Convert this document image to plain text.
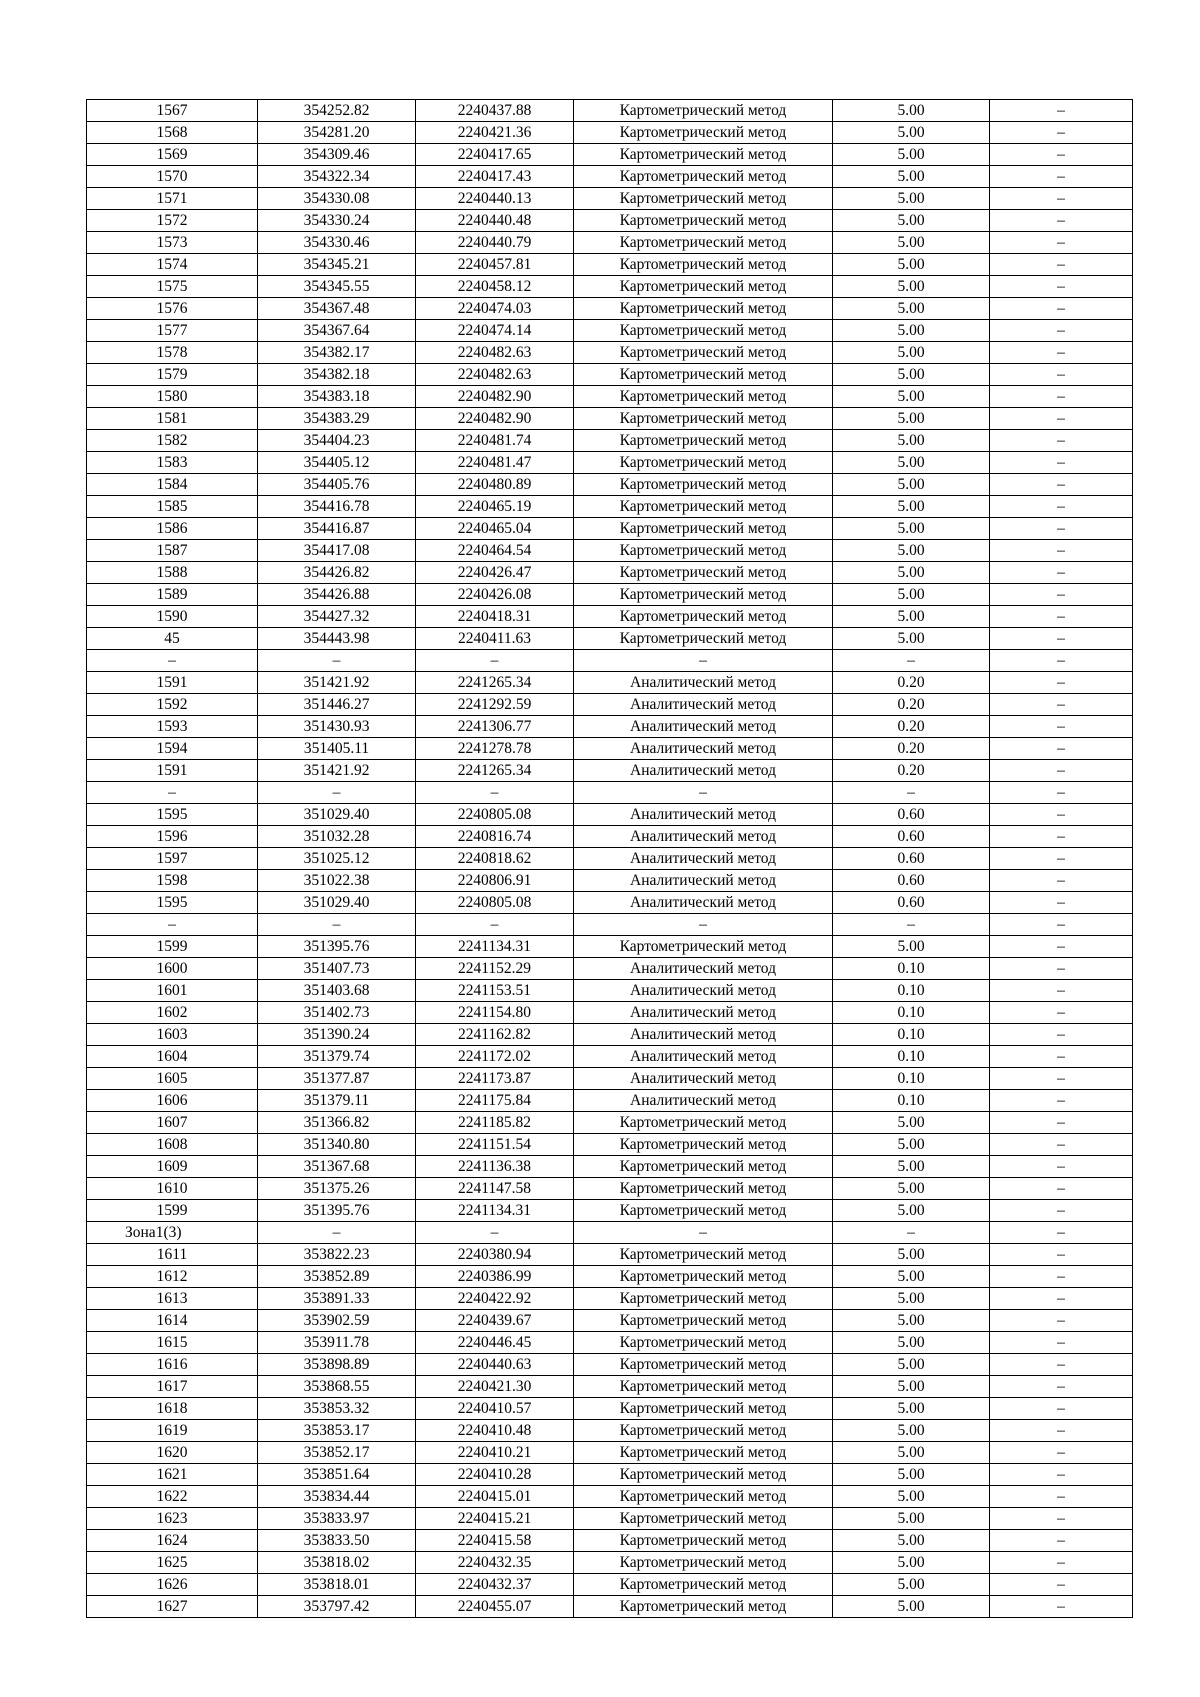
1567	354252.82	2240437.88	Картометрический метод	5.00	–
1568	354281.20	2240421.36	Картометрический метод	5.00	–
1569	354309.46	2240417.65	Картометрический метод	5.00	–
1570	354322.34	2240417.43	Картометрический метод	5.00	–
1571	354330.08	2240440.13	Картометрический метод	5.00	–
1572	354330.24	2240440.48	Картометрический метод	5.00	–
1573	354330.46	2240440.79	Картометрический метод	5.00	–
1574	354345.21	2240457.81	Картометрический метод	5.00	–
1575	354345.55	2240458.12	Картометрический метод	5.00	–
1576	354367.48	2240474.03	Картометрический метод	5.00	–
1577	354367.64	2240474.14	Картометрический метод	5.00	–
1578	354382.17	2240482.63	Картометрический метод	5.00	–
1579	354382.18	2240482.63	Картометрический метод	5.00	–
1580	354383.18	2240482.90	Картометрический метод	5.00	–
1581	354383.29	2240482.90	Картометрический метод	5.00	–
1582	354404.23	2240481.74	Картометрический метод	5.00	–
1583	354405.12	2240481.47	Картометрический метод	5.00	–
1584	354405.76	2240480.89	Картометрический метод	5.00	–
1585	354416.78	2240465.19	Картометрический метод	5.00	–
1586	354416.87	2240465.04	Картометрический метод	5.00	–
1587	354417.08	2240464.54	Картометрический метод	5.00	–
1588	354426.82	2240426.47	Картометрический метод	5.00	–
1589	354426.88	2240426.08	Картометрический метод	5.00	–
1590	354427.32	2240418.31	Картометрический метод	5.00	–
45	354443.98	2240411.63	Картометрический метод	5.00	–
–	–	–	–	–	–
1591	351421.92	2241265.34	Аналитический метод	0.20	–
1592	351446.27	2241292.59	Аналитический метод	0.20	–
1593	351430.93	2241306.77	Аналитический метод	0.20	–
1594	351405.11	2241278.78	Аналитический метод	0.20	–
1591	351421.92	2241265.34	Аналитический метод	0.20	–
–	–	–	–	–	–
1595	351029.40	2240805.08	Аналитический метод	0.60	–
1596	351032.28	2240816.74	Аналитический метод	0.60	–
1597	351025.12	2240818.62	Аналитический метод	0.60	–
1598	351022.38	2240806.91	Аналитический метод	0.60	–
1595	351029.40	2240805.08	Аналитический метод	0.60	–
–	–	–	–	–	–
1599	351395.76	2241134.31	Картометрический метод	5.00	–
1600	351407.73	2241152.29	Аналитический метод	0.10	–
1601	351403.68	2241153.51	Аналитический метод	0.10	–
1602	351402.73	2241154.80	Аналитический метод	0.10	–
1603	351390.24	2241162.82	Аналитический метод	0.10	–
1604	351379.74	2241172.02	Аналитический метод	0.10	–
1605	351377.87	2241173.87	Аналитический метод	0.10	–
1606	351379.11	2241175.84	Аналитический метод	0.10	–
1607	351366.82	2241185.82	Картометрический метод	5.00	–
1608	351340.80	2241151.54	Картометрический метод	5.00	–
1609	351367.68	2241136.38	Картометрический метод	5.00	–
1610	351375.26	2241147.58	Картометрический метод	5.00	–
1599	351395.76	2241134.31	Картометрический метод	5.00	–
Зона1(3)	–	–	–	–	–
1611	353822.23	2240380.94	Картометрический метод	5.00	–
1612	353852.89	2240386.99	Картометрический метод	5.00	–
1613	353891.33	2240422.92	Картометрический метод	5.00	–
1614	353902.59	2240439.67	Картометрический метод	5.00	–
1615	353911.78	2240446.45	Картометрический метод	5.00	–
1616	353898.89	2240440.63	Картометрический метод	5.00	–
1617	353868.55	2240421.30	Картометрический метод	5.00	–
1618	353853.32	2240410.57	Картометрический метод	5.00	–
1619	353853.17	2240410.48	Картометрический метод	5.00	–
1620	353852.17	2240410.21	Картометрический метод	5.00	–
1621	353851.64	2240410.28	Картометрический метод	5.00	–
1622	353834.44	2240415.01	Картометрический метод	5.00	–
1623	353833.97	2240415.21	Картометрический метод	5.00	–
1624	353833.50	2240415.58	Картометрический метод	5.00	–
1625	353818.02	2240432.35	Картометрический метод	5.00	–
1626	353818.01	2240432.37	Картометрический метод	5.00	–
1627	353797.42	2240455.07	Картометрический метод	5.00	–
